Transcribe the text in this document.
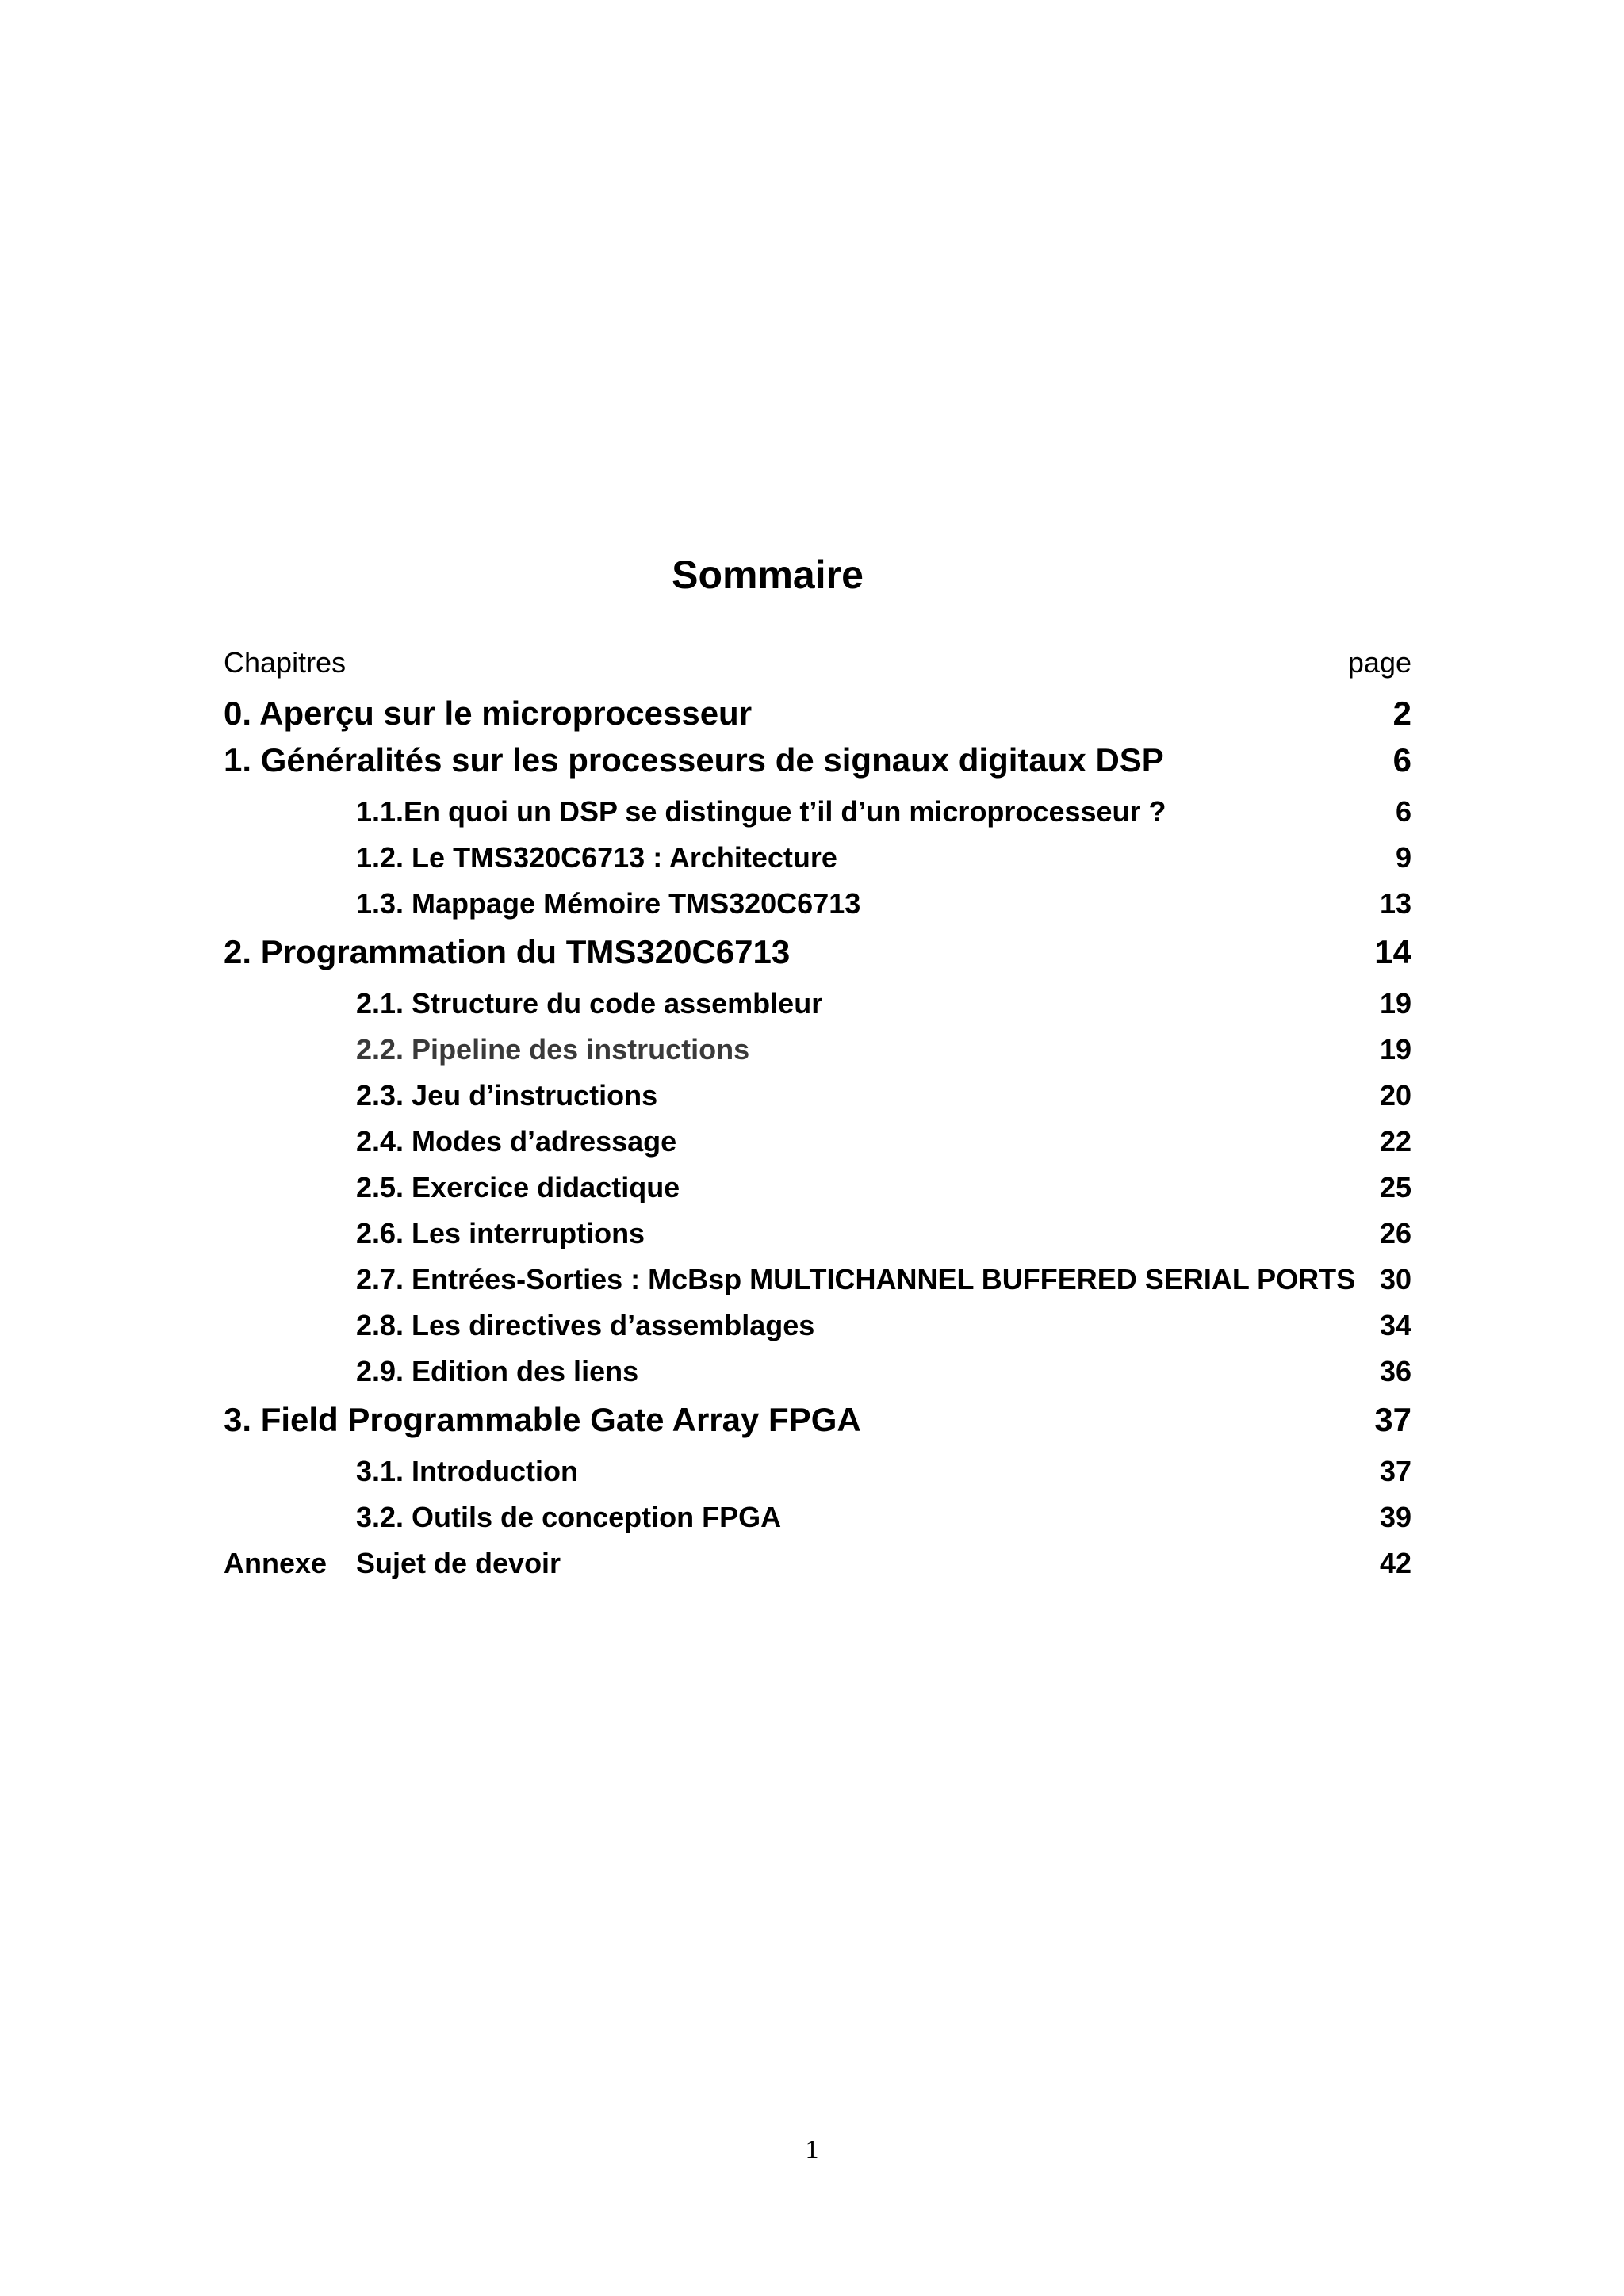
Sommaire
Chapitres	page
0. Aperçu sur le microprocesseur	2
1. Généralités sur les processeurs de signaux digitaux DSP	6
1.1.En quoi un DSP se distingue t’il d’un microprocesseur ?	6
1.2. Le TMS320C6713 : Architecture	9
1.3. Mappage Mémoire TMS320C6713	13
2. Programmation du TMS320C6713	14
2.1. Structure du code assembleur	19
2.2. Pipeline des instructions	19
2.3. Jeu d’instructions	20
2.4. Modes d’adressage	22
2.5. Exercice didactique	25
2.6. Les interruptions	26
2.7. Entrées-Sorties : McBsp MULTICHANNEL BUFFERED SERIAL PORTS 30
2.8. Les directives d’assemblages	34
2.9. Edition des liens	36
3. Field Programmable Gate Array FPGA	37
3.1. Introduction	37
3.2. Outils de conception FPGA	39
Annexe Sujet de devoir	42
1
